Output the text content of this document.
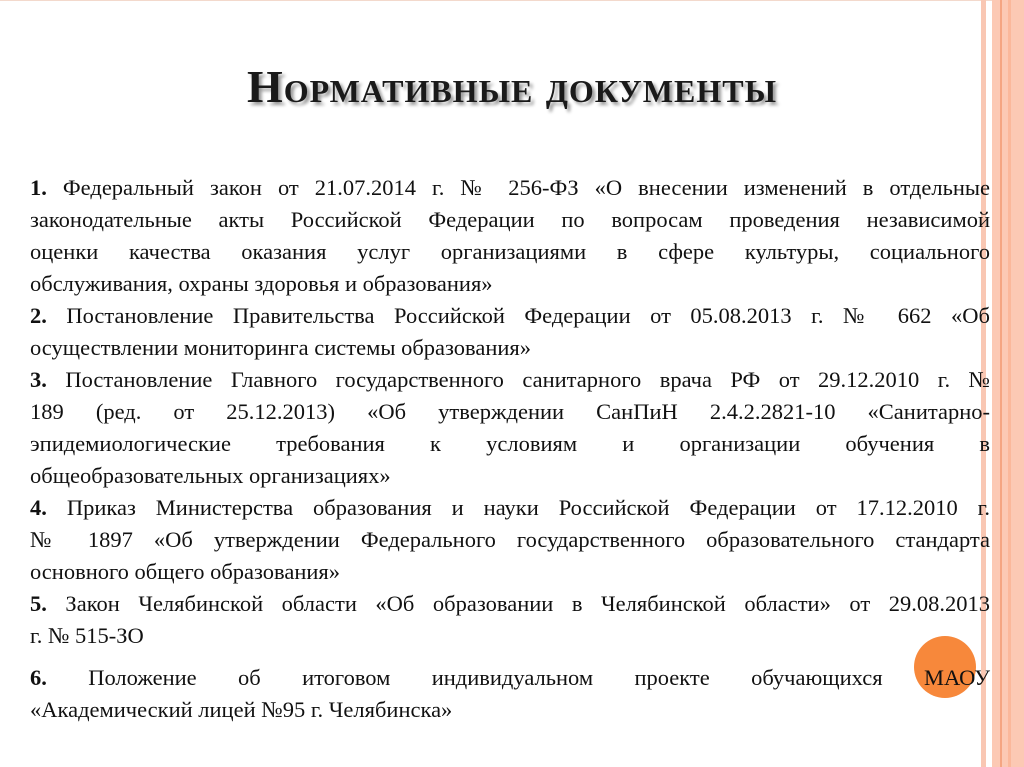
Нормативные документы
1. Федеральный закон от 21.07.2014 г. № 256-ФЗ «О внесении изменений в отдельные
законодательные акты Российской Федерации по вопросам проведения независимой
оценки качества оказания услуг организациями в сфере культуры, социального
обслуживания, охраны здоровья и образования»
2. Постановление Правительства Российской Федерации от 05.08.2013 г. № 662 «Об
осуществлении мониторинга системы образования»
3. Постановление Главного государственного санитарного врача РФ от 29.12.2010 г. №
189 (ред. от 25.12.2013) «Об утверждении СанПиН 2.4.2.2821-10 «Санитарно-
эпидемиологические требования к условиям и организации обучения в
общеобразовательных организациях»
4. Приказ Министерства образования и науки Российской Федерации от 17.12.2010 г.
№ 1897 «Об утверждении Федерального государственного образовательного стандарта
основного общего образования»
5. Закон Челябинской области «Об образовании в Челябинской области» от 29.08.2013
г. № 515-ЗО
6. Положение об итоговом индивидуальном проекте обучающихся МАОУ
«Академический лицей №95 г. Челябинска»
